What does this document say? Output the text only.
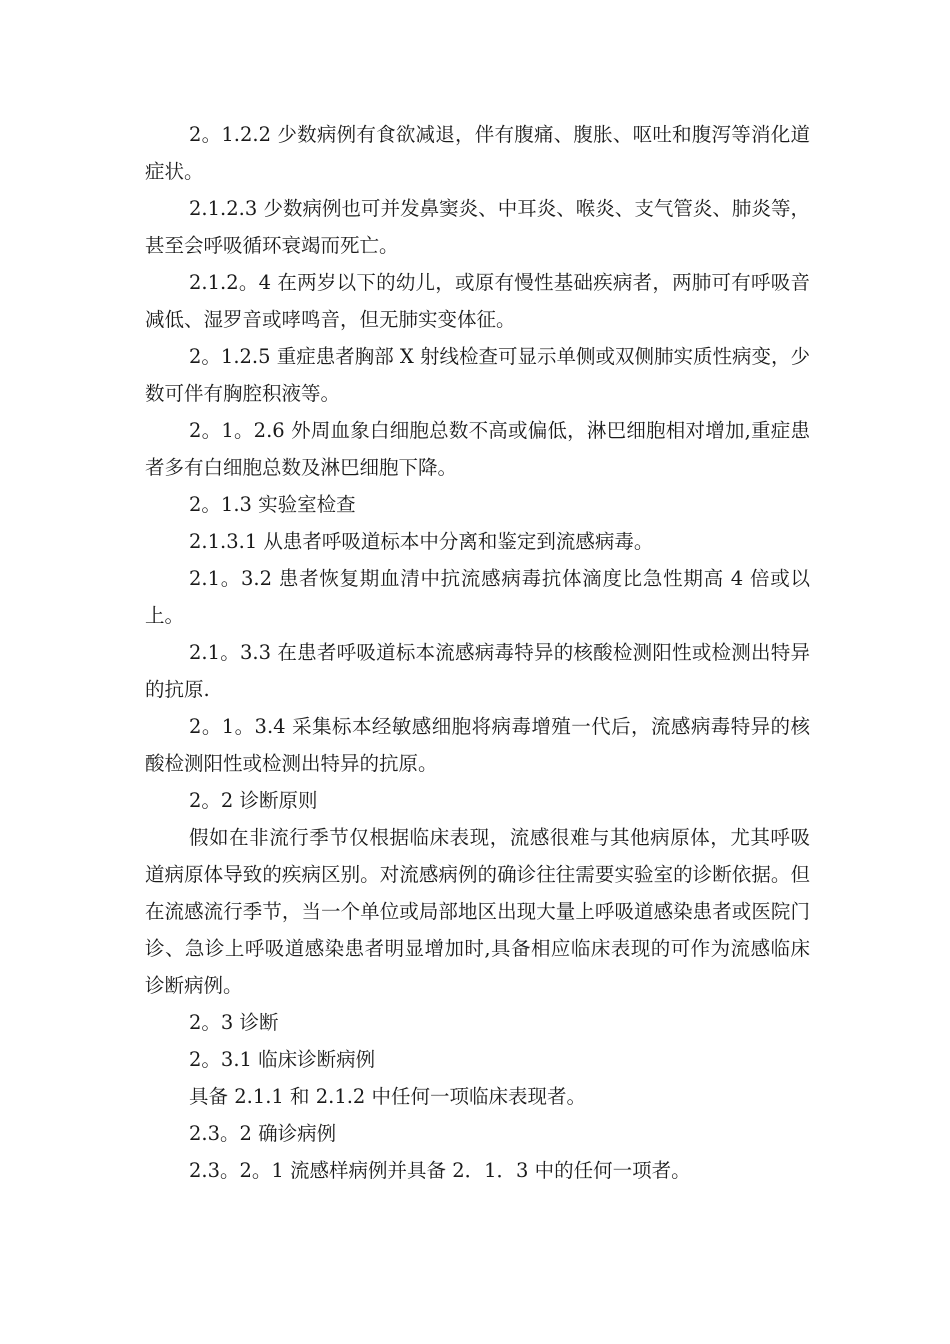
2。1.2.2 少数病例有食欲减退，伴有腹痛、腹胀、呕吐和腹泻等消化道症状。

2.1.2.3 少数病例也可并发鼻窦炎、中耳炎、喉炎、支气管炎、肺炎等，甚至会呼吸循环衰竭而死亡。

2.1.2。4 在两岁以下的幼儿，或原有慢性基础疾病者，两肺可有呼吸音减低、湿罗音或哮鸣音，但无肺实变体征。

2。1.2.5 重症患者胸部 X 射线检查可显示单侧或双侧肺实质性病变，少数可伴有胸腔积液等。

2。1。2.6 外周血象白细胞总数不高或偏低，淋巴细胞相对增加,重症患者多有白细胞总数及淋巴细胞下降。

2。1.3 实验室检查

2.1.3.1 从患者呼吸道标本中分离和鉴定到流感病毒。

2.1。3.2 患者恢复期血清中抗流感病毒抗体滴度比急性期高 4 倍或以上。

2.1。3.3 在患者呼吸道标本流感病毒特异的核酸检测阳性或检测出特异的抗原.

2。1。3.4 采集标本经敏感细胞将病毒增殖一代后，流感病毒特异的核酸检测阳性或检测出特异的抗原。

2。2 诊断原则

假如在非流行季节仅根据临床表现，流感很难与其他病原体，尤其呼吸道病原体导致的疾病区别。对流感病例的确诊往往需要实验室的诊断依据。但在流感流行季节，当一个单位或局部地区出现大量上呼吸道感染患者或医院门诊、急诊上呼吸道感染患者明显增加时,具备相应临床表现的可作为流感临床诊断病例。

2。3 诊断

2。3.1 临床诊断病例

具备 2.1.1 和 2.1.2 中任何一项临床表现者。

2.3。2 确诊病例

2.3。2。1 流感样病例并具备 2．1．3 中的任何一项者。
